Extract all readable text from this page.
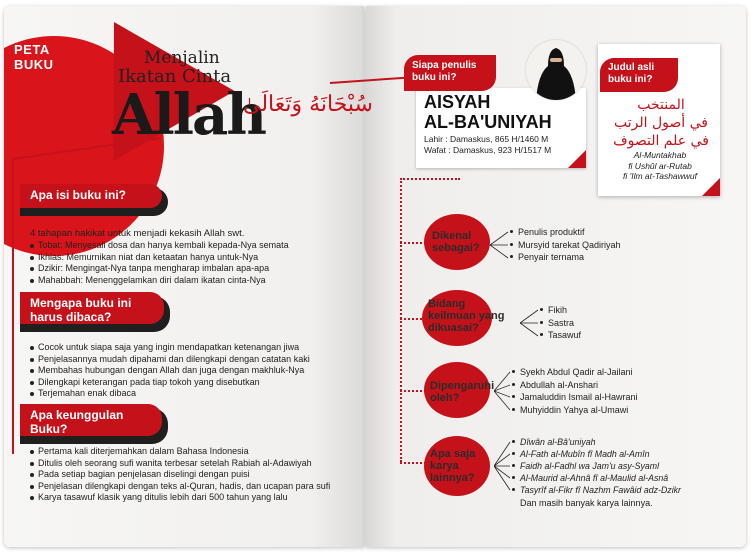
PETA
BUKU	Menjalin
Ikatan Cinta
Allah
سُبْحَانَهُ وَتَعَالَىٰ
Apa isi buku ini?
4 tahapan hakikat untuk menjadi kekasih Allah swt.
Tobat: Menyesali dosa dan hanya kembali kepada-Nya semata
Ikhlas: Memurnikan niat dan ketaatan hanya untuk-Nya
Dzikir: Mengingat-Nya tanpa mengharap imbalan apa-apa
Mahabbah: Menenggelamkan diri dalam ikatan cinta-Nya
Mengapa buku ini
harus dibaca?
Cocok untuk siapa saja yang ingin mendapatkan ketenangan jiwa
Penjelasannya mudah dipahami dan dilengkapi dengan catatan kaki
Membahas hubungan dengan Allah dan juga dengan makhluk-Nya
Dilengkapi keterangan pada tiap tokoh yang disebutkan
Terjemahan enak dibaca
Apa keunggulan
Buku?
Pertama kali diterjemahkan dalam Bahasa Indonesia
Ditulis oleh seorang sufi wanita terbesar setelah Rabiah al-Adawiyah
Pada setiap bagian penjelasan diselingi dengan puisi
Penjelasan dilengkapi dengan teks al-Quran, hadis, dan ucapan para sufi
Karya tasawuf klasik yang ditulis lebih dari 500 tahun yang lalu
Siapa penulis
buku ini?
AISYAH
AL-BA'UNIYAH
Lahir : Damaskus, 865 H/1460 M
Wafat : Damaskus, 923 H/1517 M
Judul asli
buku ini?
المنتخب
في أصول الرتب
في علم التصوف
Al-Muntakhab
fi Ushûl ar-Rutab
fi 'Ilm at-Tashawwuf
Dikenal
sebagai?
Penulis produktif
Mursyid tarekat Qadiriyah
Penyair ternama
Bidang
keilmuan yang
dikuasai?
Fikih
Sastra
Tasawuf
Dipengaruhi
oleh?
Syekh Abdul Qadir al-Jailani
Abdullah al-Anshari
Jamaluddin Ismail al-Hawrani
Muhyiddin Yahya al-Umawi
Apa saja
karya
lainnya?
Dîwân al-Bâ'uniyah
Al-Fath al-Mubîn fî Madh al-Amîn
Faidh al-Fadhl wa Jam'u asy-Syaml
Al-Maurid al-Ahnâ fî al-Maulid al-Asnâ
Tasyrîf al-Fikr fî Nazhm Fawâid adz-Dzikr
Dan masih banyak karya lainnya.
